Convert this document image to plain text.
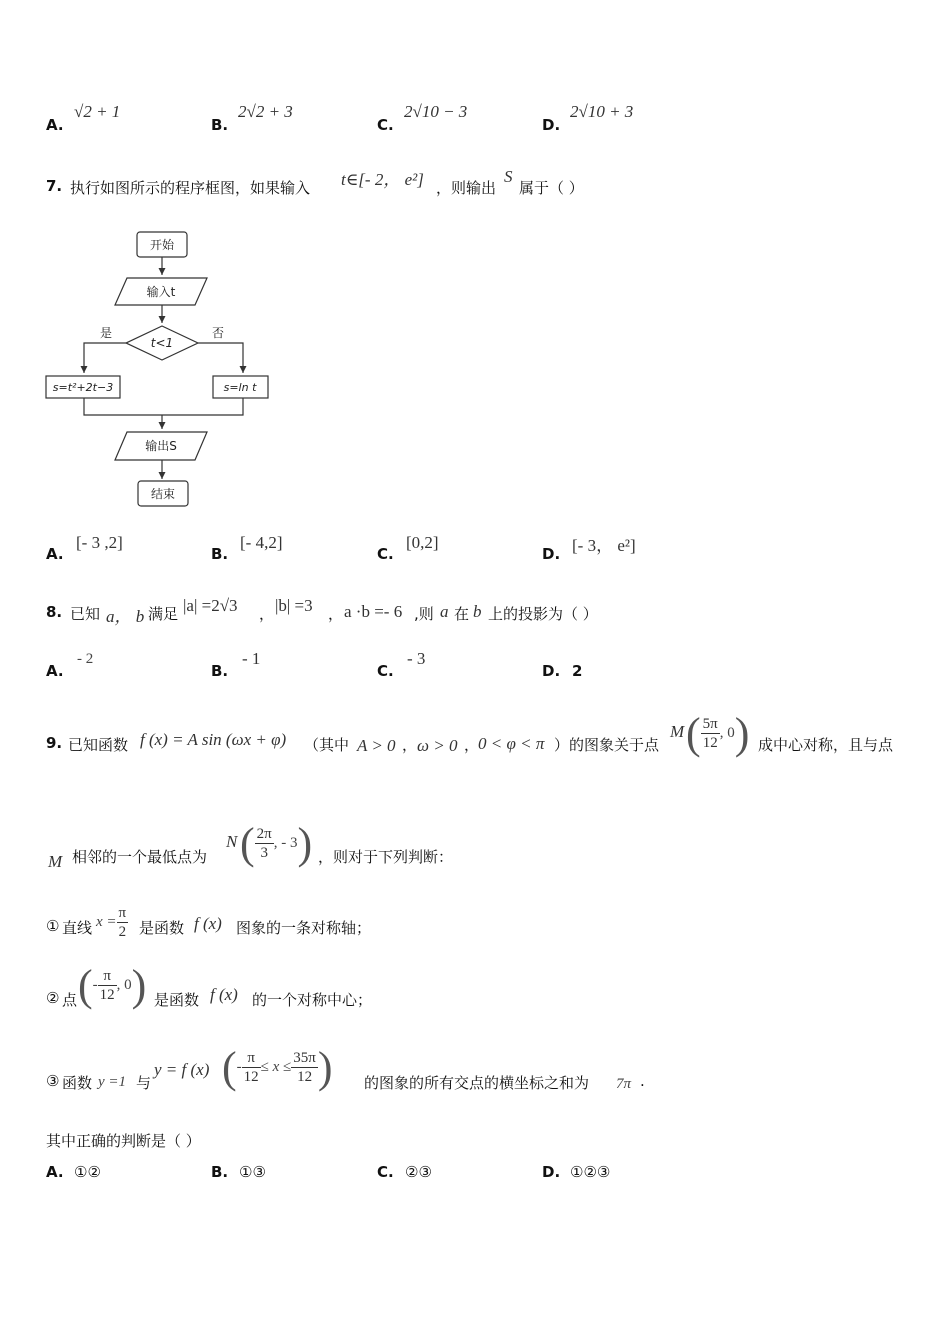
A.
√2 + 1
B.
2√2 + 3
C.
2√10 − 3
D.
2√10 + 3
7. 执行如图所示的程序框图，如果输入 t∈[- 2， e²] ，则输出
S
属于（ ）
开始
输入t
t<1
是	否
s=t²+2t−3	s=ln t
输出S
结束
A.
[- 3 ,2]
B.
[- 4,2]
C.
[0,2]
D. [- 3， e²]
8. 已知 a， b 满足 |a| =2√3 ， |b| =3 ， a ·b =- 6 ,则 a 在 b 上的投影为（ ）
A.
- 2
B.
- 1
C.
- 3
D. 2
9. 已知函数 f (x) = A sin (ωx + φ) （其中 A > 0 ， ω > 0 ，
0 < φ < π ）的图象关于点
M ( $\frac{5\pi}{12}$ , 0) 成中心对称，且与点
M 相邻的一个最低点为
N ( $\frac{2\pi}{3}$ , - 3) ，则对于下列判断：
① 直线 $x = \frac{\pi}{2}$ 是函数 f (x) 图象的一条对称轴；
② 点 (- $\frac{\pi}{12}$ , 0) 是函数 f (x) 的一个对称中心；
③ 函数 y =1 与
y = f (x) (- $\frac{\pi}{12} \le x \le \frac{35\pi}{12}$ ) 的图象的所有交点的横坐标之和为 7π .
其中正确的判断是（ ）
A. ①②	B. ①③	C. ②③	D. ①②③
